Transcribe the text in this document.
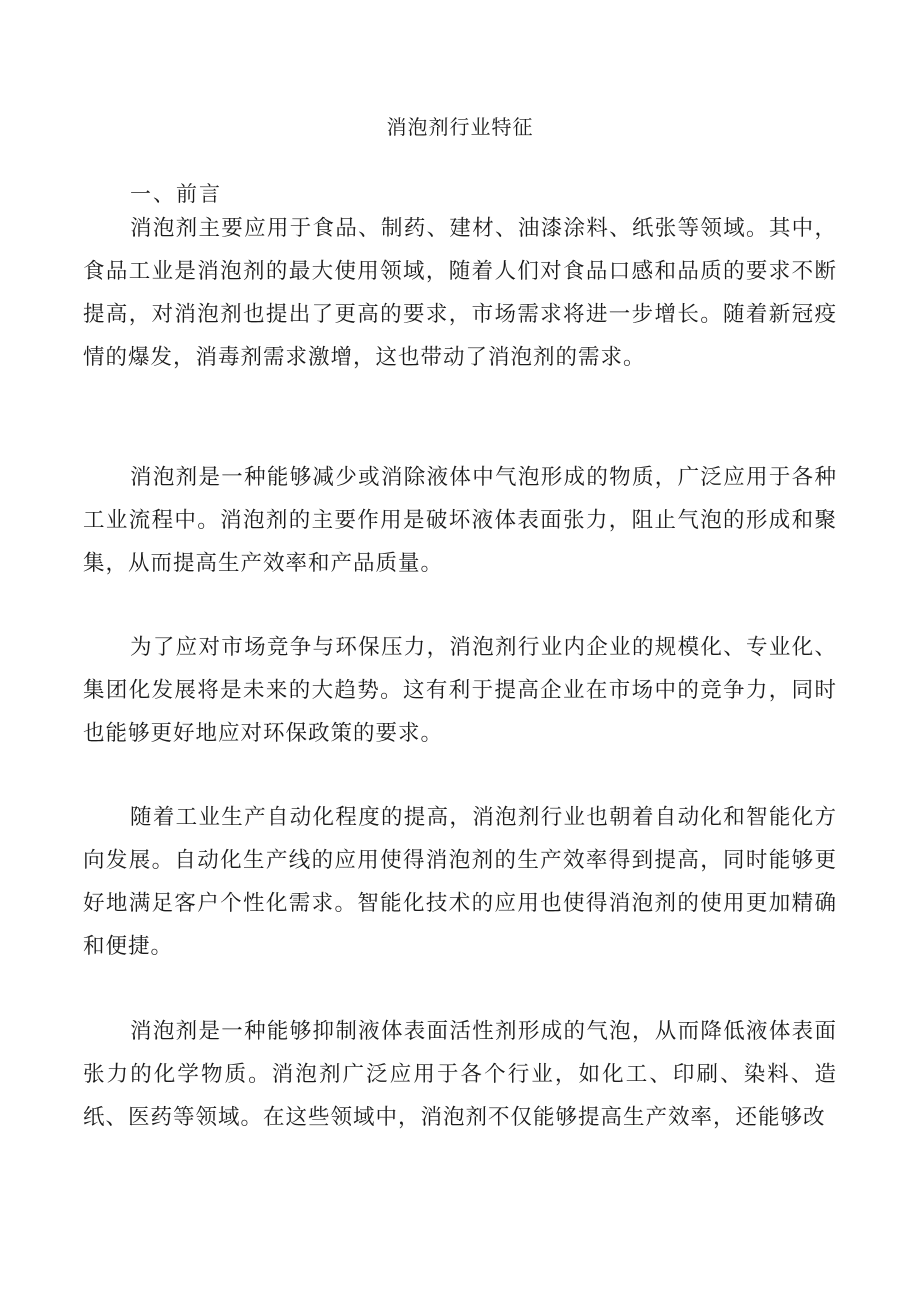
消泡剂行业特征
一、前言

消泡剂主要应用于食品、制药、建材、油漆涂料、纸张等领域。其中，食品工业是消泡剂的最大使用领域，随着人们对食品口感和品质的要求不断提高，对消泡剂也提出了更高的要求，市场需求将进一步增长。随着新冠疫情的爆发，消毒剂需求激增，这也带动了消泡剂的需求。

消泡剂是一种能够减少或消除液体中气泡形成的物质，广泛应用于各种工业流程中。消泡剂的主要作用是破坏液体表面张力，阻止气泡的形成和聚集，从而提高生产效率和产品质量。

为了应对市场竞争与环保压力，消泡剂行业内企业的规模化、专业化、集团化发展将是未来的大趋势。这有利于提高企业在市场中的竞争力，同时也能够更好地应对环保政策的要求。

随着工业生产自动化程度的提高，消泡剂行业也朝着自动化和智能化方向发展。自动化生产线的应用使得消泡剂的生产效率得到提高，同时能够更好地满足客户个性化需求。智能化技术的应用也使得消泡剂的使用更加精确和便捷。

消泡剂是一种能够抑制液体表面活性剂形成的气泡，从而降低液体表面张力的化学物质。消泡剂广泛应用于各个行业，如化工、印刷、染料、造纸、医药等领域。在这些领域中，消泡剂不仅能够提高生产效率，还能够改
